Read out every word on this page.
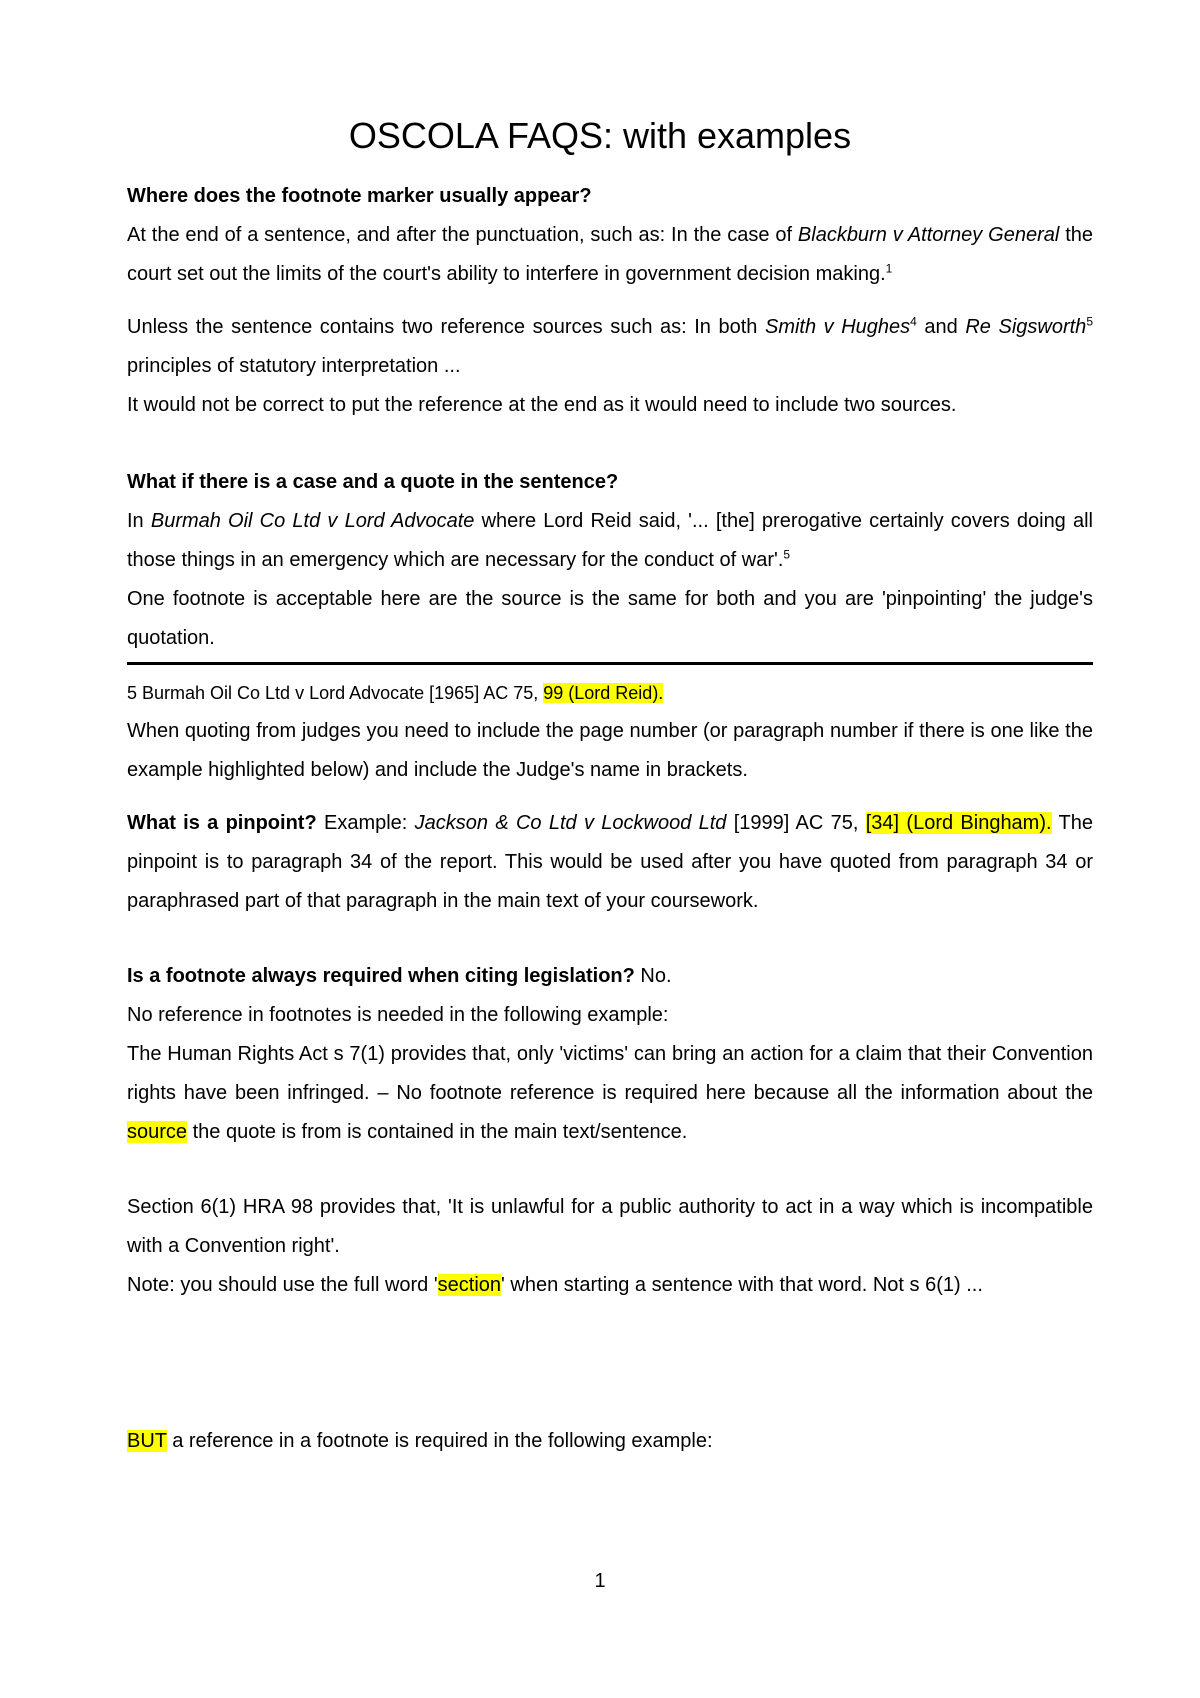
OSCOLA FAQS: with examples

Where does the footnote marker usually appear?

At the end of a sentence, and after the punctuation, such as: In the case of Blackburn v Attorney General the court set out the limits of the court's ability to interfere in government decision making.$^1$

Unless the sentence contains two reference sources such as: In both Smith v Hughes$^4$ and Re Sigsworth$^5$ principles of statutory interpretation ...

It would not be correct to put the reference at the end as it would need to include two sources.

What if there is a case and a quote in the sentence?

In Burmah Oil Co Ltd v Lord Advocate where Lord Reid said, '... [the] prerogative certainly covers doing all those things in an emergency which are necessary for the conduct of war'.$^5$

One footnote is acceptable here are the source is the same for both and you are 'pinpointing' the judge's quotation.

5 Burmah Oil Co Ltd v Lord Advocate [1965] AC 75, 99 (Lord Reid).

When quoting from judges you need to include the page number (or paragraph number if there is one like the example highlighted below) and include the Judge's name in brackets.

What is a pinpoint? Example: Jackson & Co Ltd v Lockwood Ltd [1999] AC 75, [34] (Lord Bingham). The pinpoint is to paragraph 34 of the report. This would be used after you have quoted from paragraph 34 or paraphrased part of that paragraph in the main text of your coursework.

Is a footnote always required when citing legislation? No.

No reference in footnotes is needed in the following example:

The Human Rights Act s 7(1) provides that, only 'victims' can bring an action for a claim that their Convention rights have been infringed. – No footnote reference is required here because all the information about the source the quote is from is contained in the main text/sentence.

Section 6(1) HRA 98 provides that, 'It is unlawful for a public authority to act in a way which is incompatible with a Convention right'.

Note: you should use the full word 'section' when starting a sentence with that word. Not s 6(1) ...

BUT a reference in a footnote is required in the following example:

1
